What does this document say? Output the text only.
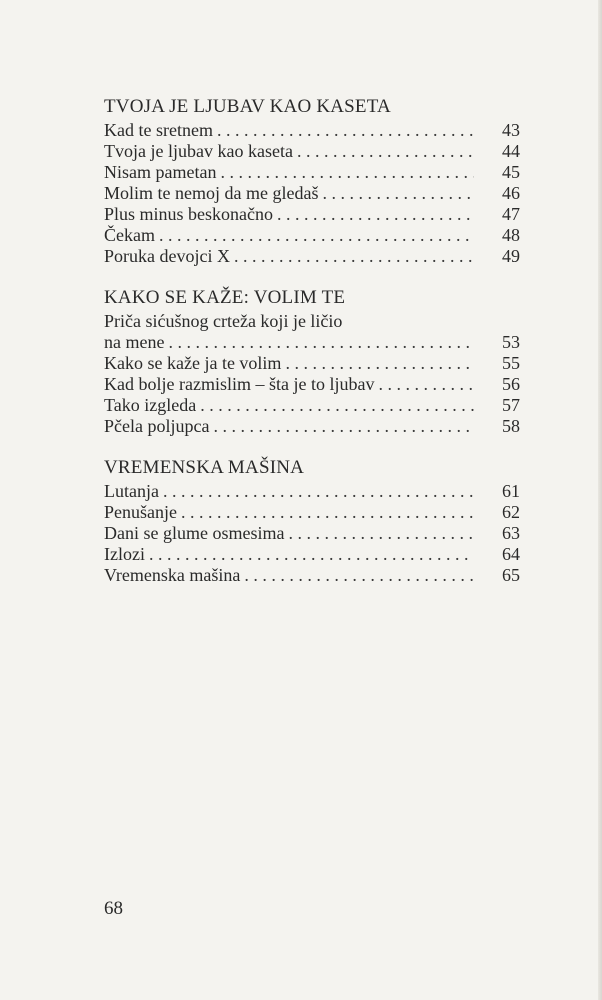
TVOJA JE LJUBAV KAO KASETA
Kad te sretnem . . .	43
Tvoja je ljubav kao kaseta . . .	44
Nisam pametan . . .	45
Molim te nemoj da me gledaš . . .	46
Plus minus beskonačno . . .	47
Čekam . . .	48
Poruka devojci X . . .	49
KAKO SE KAŽE: VOLIM TE
Priča sićušnog crteža koji je ličio
na mene . . .	53
Kako se kaže ja te volim . . .	55
Kad bolje razmislim – šta je to ljubav . . .	56
Tako izgleda . . .	57
Pčela poljupca . . .	58
VREMENSKA MAŠINA
Lutanja . . .	61
Penušanje . . .	62
Dani se glume osmesima . . .	63
Izlozi . . .	64
Vremenska mašina . . .	65
68
